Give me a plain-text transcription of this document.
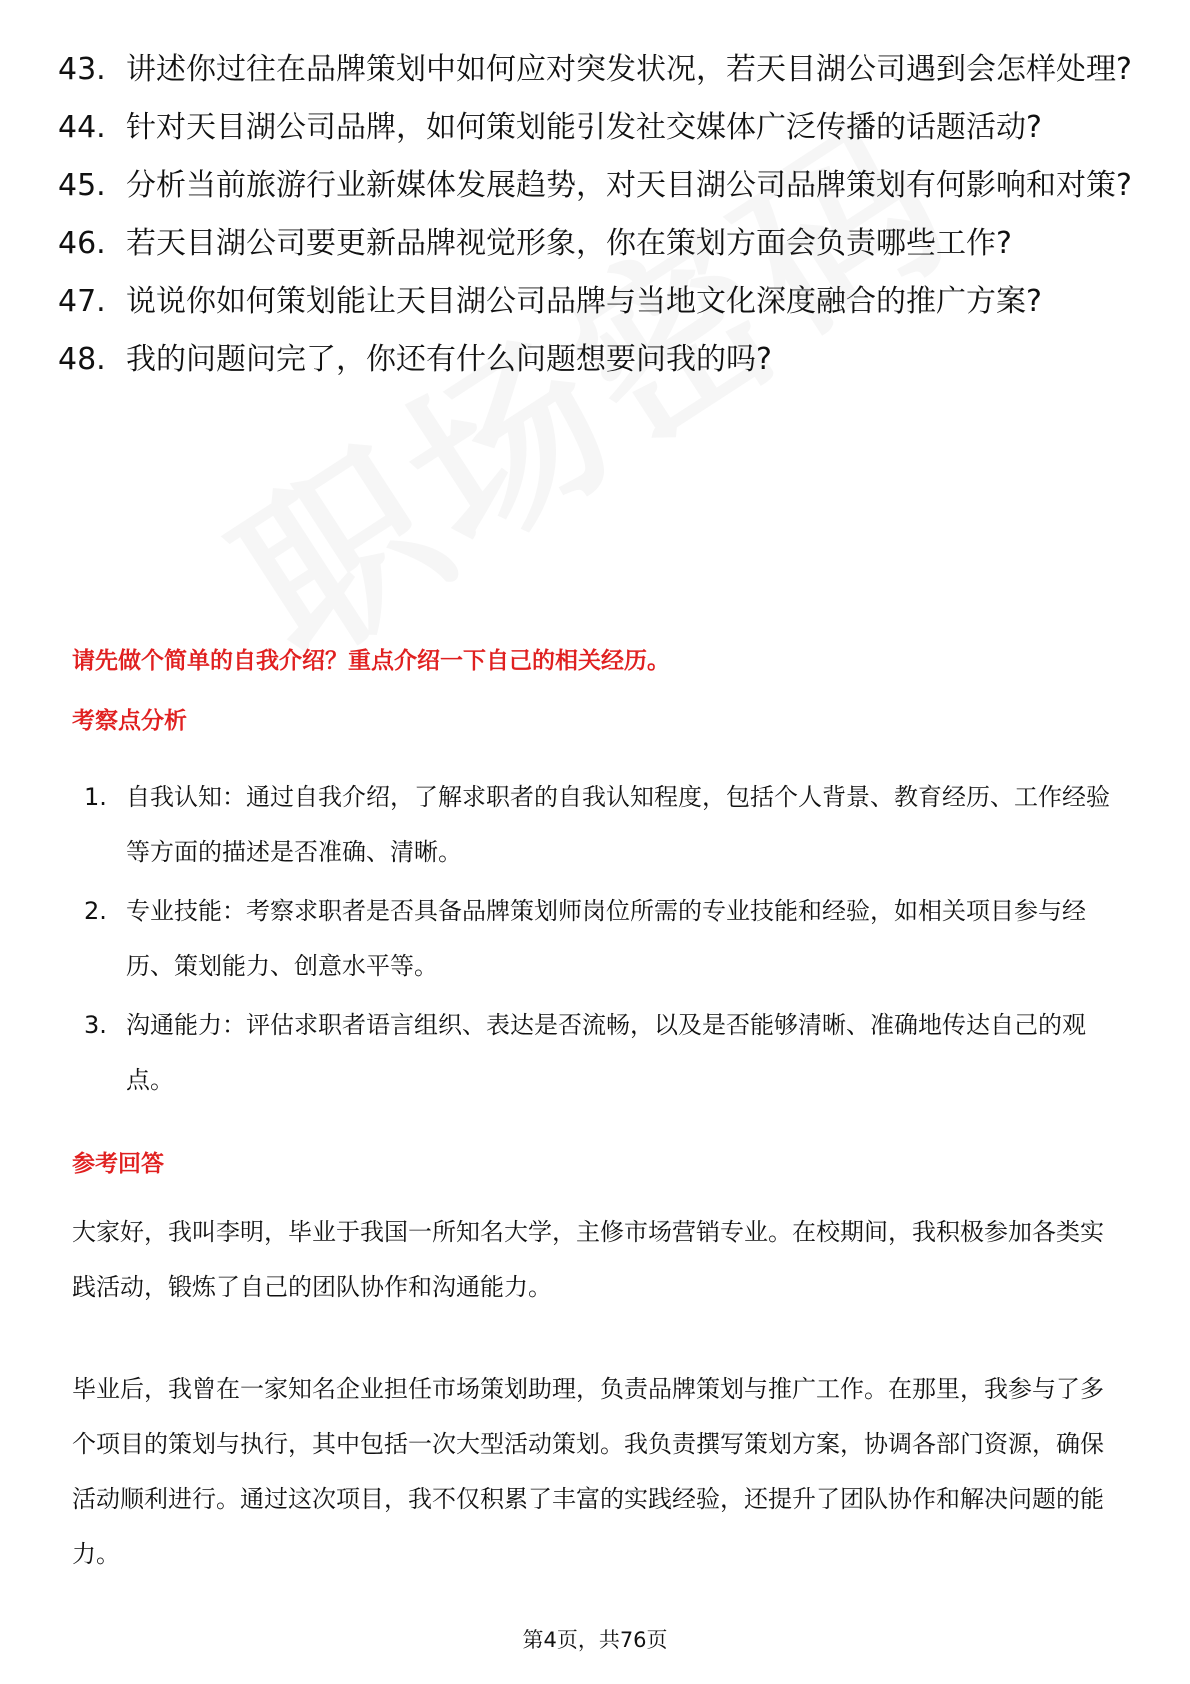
43. 讲述你过往在品牌策划中如何应对突发状况，若天目湖公司遇到会怎样处理?
44. 针对天目湖公司品牌，如何策划能引发社交媒体广泛传播的话题活动?
45. 分析当前旅游行业新媒体发展趋势，对天目湖公司品牌策划有何影响和对策?
46. 若天目湖公司要更新品牌视觉形象，你在策划方面会负责哪些工作?
47. 说说你如何策划能让天目湖公司品牌与当地文化深度融合的推广方案?
48. 我的问题问完了，你还有什么问题想要问我的吗?
请先做个简单的自我介绍？重点介绍一下自己的相关经历。
考察点分析
1. 自我认知：通过自我介绍，了解求职者的自我认知程度，包括个人背景、教育经历、工作经验等方面的描述是否准确、清晰。
2. 专业技能：考察求职者是否具备品牌策划师岗位所需的专业技能和经验，如相关项目参与经历、策划能力、创意水平等。
3. 沟通能力：评估求职者语言组织、表达是否流畅，以及是否能够清晰、准确地传达自己的观点。
参考回答
大家好，我叫李明，毕业于我国一所知名大学，主修市场营销专业。在校期间，我积极参加各类实践活动，锻炼了自己的团队协作和沟通能力。
毕业后，我曾在一家知名企业担任市场策划助理，负责品牌策划与推广工作。在那里，我参与了多个项目的策划与执行，其中包括一次大型活动策划。我负责撰写策划方案，协调各部门资源，确保活动顺利进行。通过这次项目，我不仅积累了丰富的实践经验，还提升了团队协作和解决问题的能力。
第4页，共76页
